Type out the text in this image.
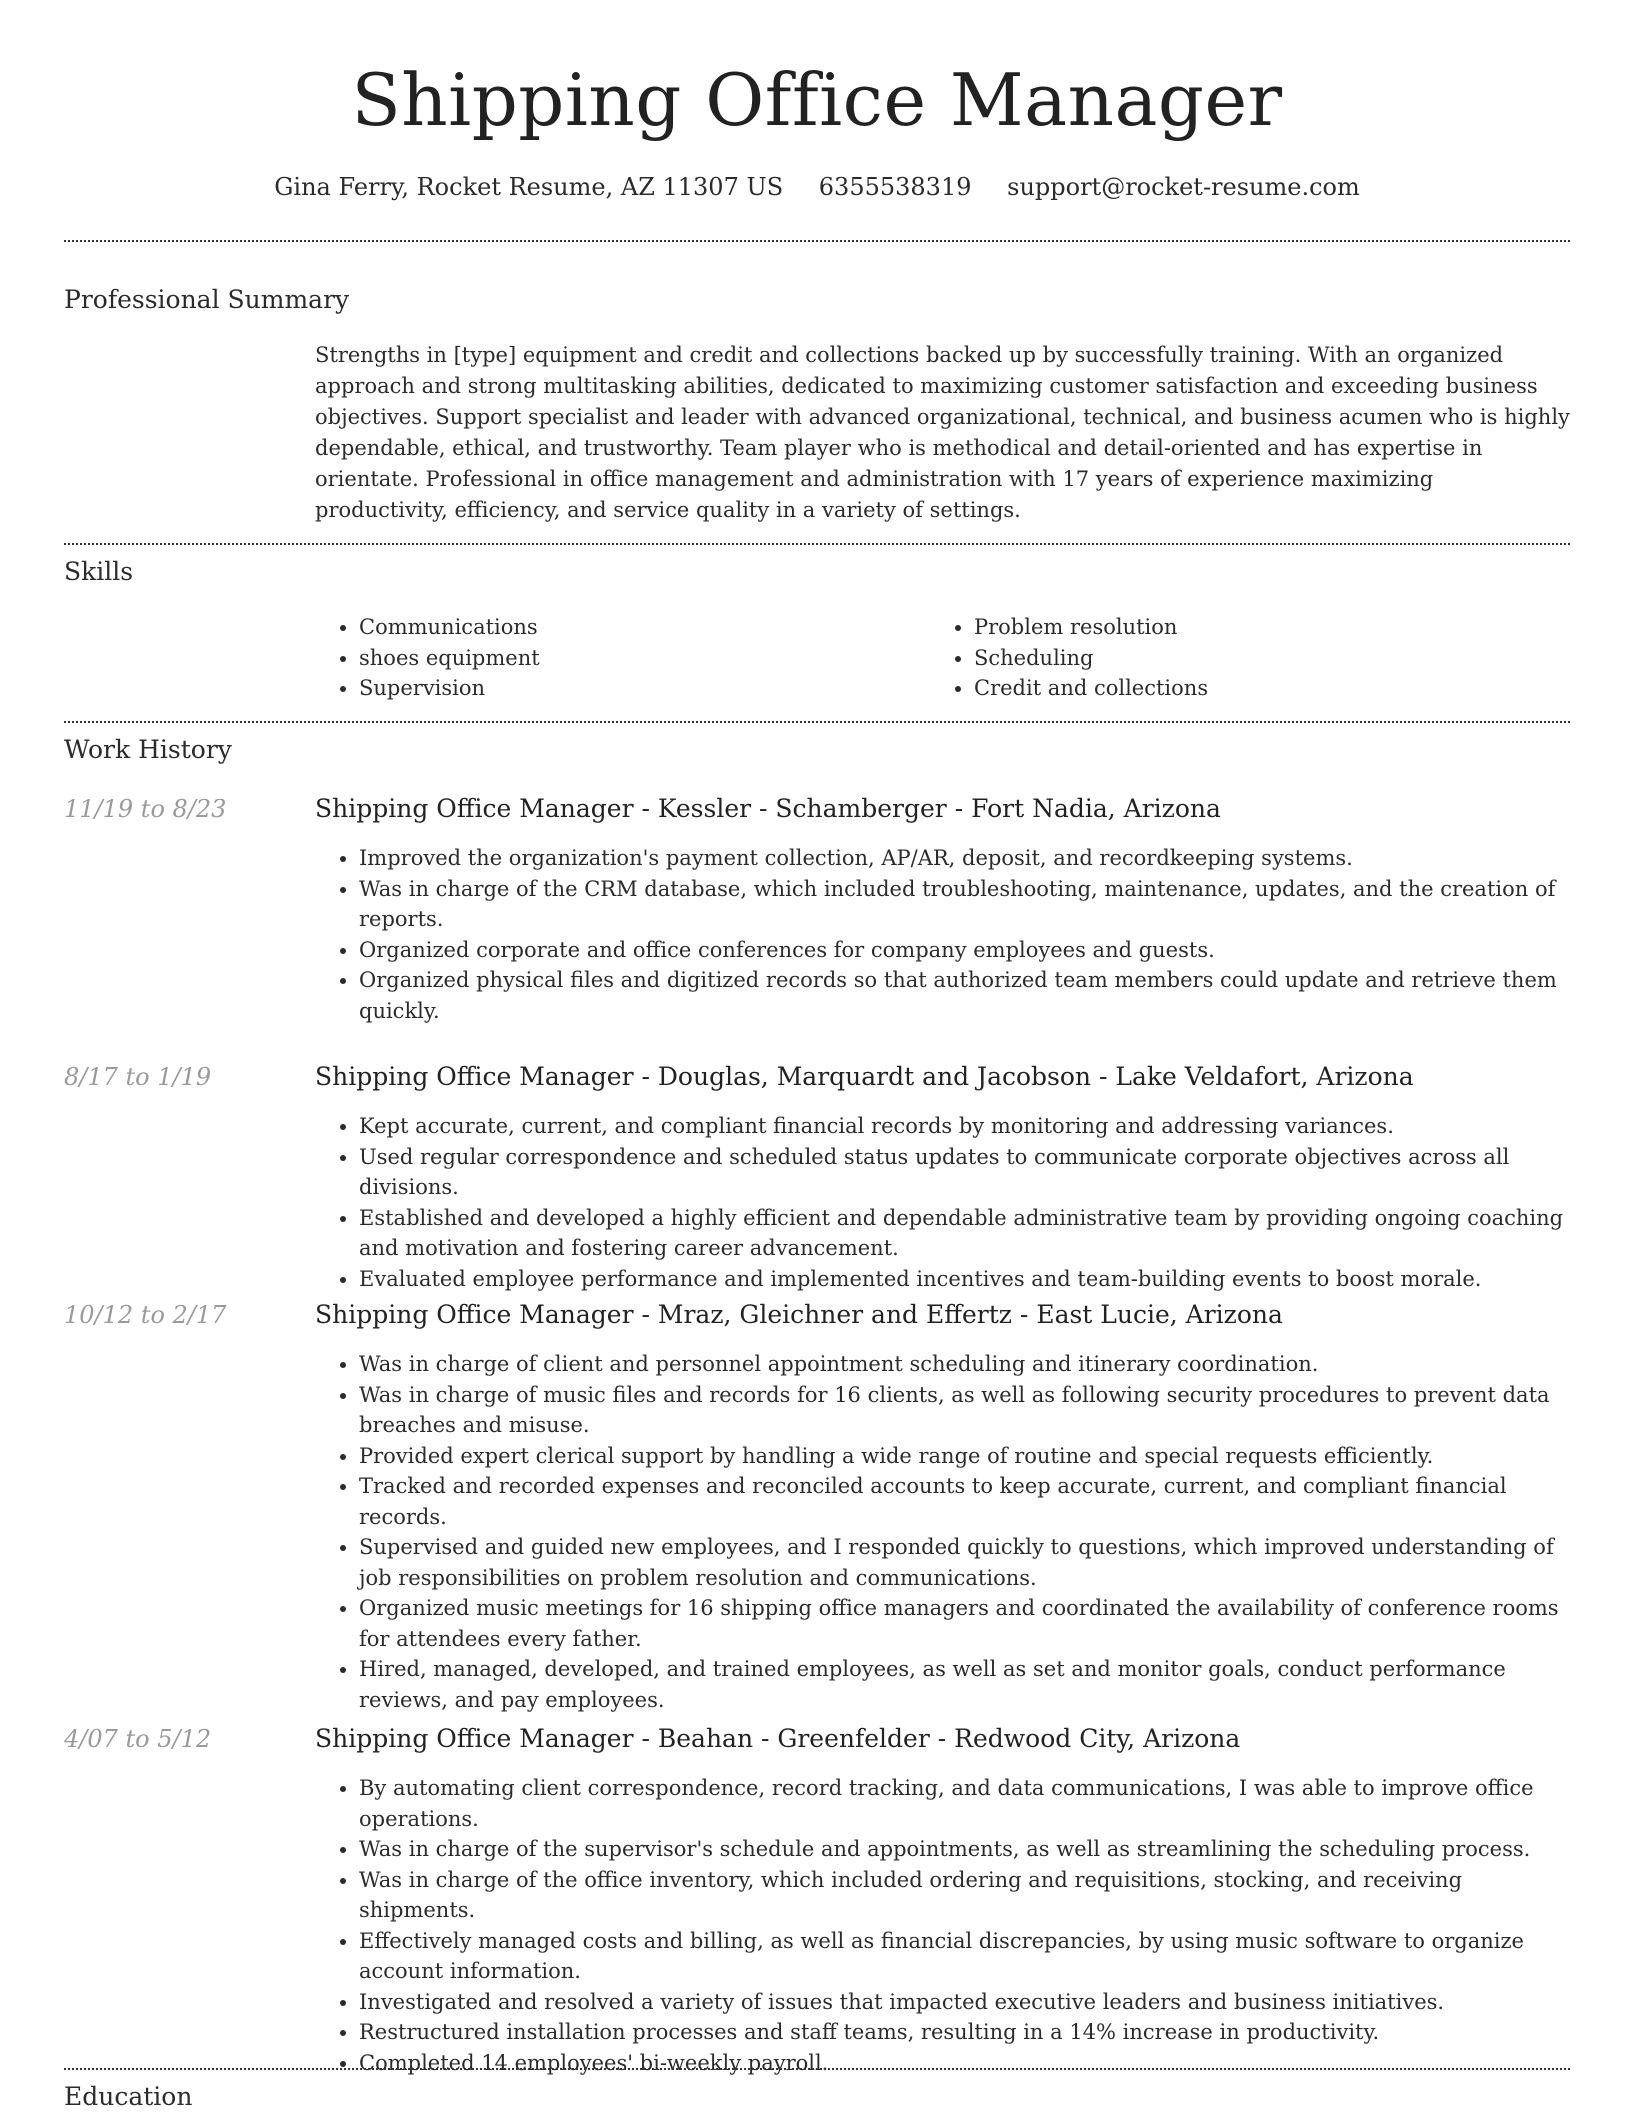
Shipping Office Manager
Gina Ferry, Rocket Resume, AZ 11307 US 6355538319 support@rocket-resume.com
Professional Summary
Strengths in [type] equipment and credit and collections backed up by successfully training. With an organized approach and strong multitasking abilities, dedicated to maximizing customer satisfaction and exceeding business objectives. Support specialist and leader with advanced organizational, technical, and business acumen who is highly dependable, ethical, and trustworthy. Team player who is methodical and detail-oriented and has expertise in orientate. Professional in office management and administration with 17 years of experience maximizing productivity, efficiency, and service quality in a variety of settings.
Skills
• Communications
• shoes equipment
• Supervision
• Problem resolution
• Scheduling
• Credit and collections
Work History
11/19 to 8/23	Shipping Office Manager - Kessler - Schamberger - Fort Nadia, Arizona
• Improved the organization's payment collection, AP/AR, deposit, and recordkeeping systems.
• Was in charge of the CRM database, which included troubleshooting, maintenance, updates, and the creation of reports.
• Organized corporate and office conferences for company employees and guests.
• Organized physical files and digitized records so that authorized team members could update and retrieve them quickly.
8/17 to 1/19	Shipping Office Manager - Douglas, Marquardt and Jacobson - Lake Veldafort, Arizona
• Kept accurate, current, and compliant financial records by monitoring and addressing variances.
• Used regular correspondence and scheduled status updates to communicate corporate objectives across all divisions.
• Established and developed a highly efficient and dependable administrative team by providing ongoing coaching and motivation and fostering career advancement.
• Evaluated employee performance and implemented incentives and team-building events to boost morale.
10/12 to 2/17	Shipping Office Manager - Mraz, Gleichner and Effertz - East Lucie, Arizona
• Was in charge of client and personnel appointment scheduling and itinerary coordination.
• Was in charge of music files and records for 16 clients, as well as following security procedures to prevent data breaches and misuse.
• Provided expert clerical support by handling a wide range of routine and special requests efficiently.
• Tracked and recorded expenses and reconciled accounts to keep accurate, current, and compliant financial records.
• Supervised and guided new employees, and I responded quickly to questions, which improved understanding of job responsibilities on problem resolution and communications.
• Organized music meetings for 16 shipping office managers and coordinated the availability of conference rooms for attendees every father.
• Hired, managed, developed, and trained employees, as well as set and monitor goals, conduct performance reviews, and pay employees.
4/07 to 5/12	Shipping Office Manager - Beahan - Greenfelder - Redwood City, Arizona
• By automating client correspondence, record tracking, and data communications, I was able to improve office operations.
• Was in charge of the supervisor's schedule and appointments, as well as streamlining the scheduling process.
• Was in charge of the office inventory, which included ordering and requisitions, stocking, and receiving shipments.
• Effectively managed costs and billing, as well as financial discrepancies, by using music software to organize account information.
• Investigated and resolved a variety of issues that impacted executive leaders and business initiatives.
• Restructured installation processes and staff teams, resulting in a 14% increase in productivity.
• Completed 14 employees' bi-weekly payroll.
Education
